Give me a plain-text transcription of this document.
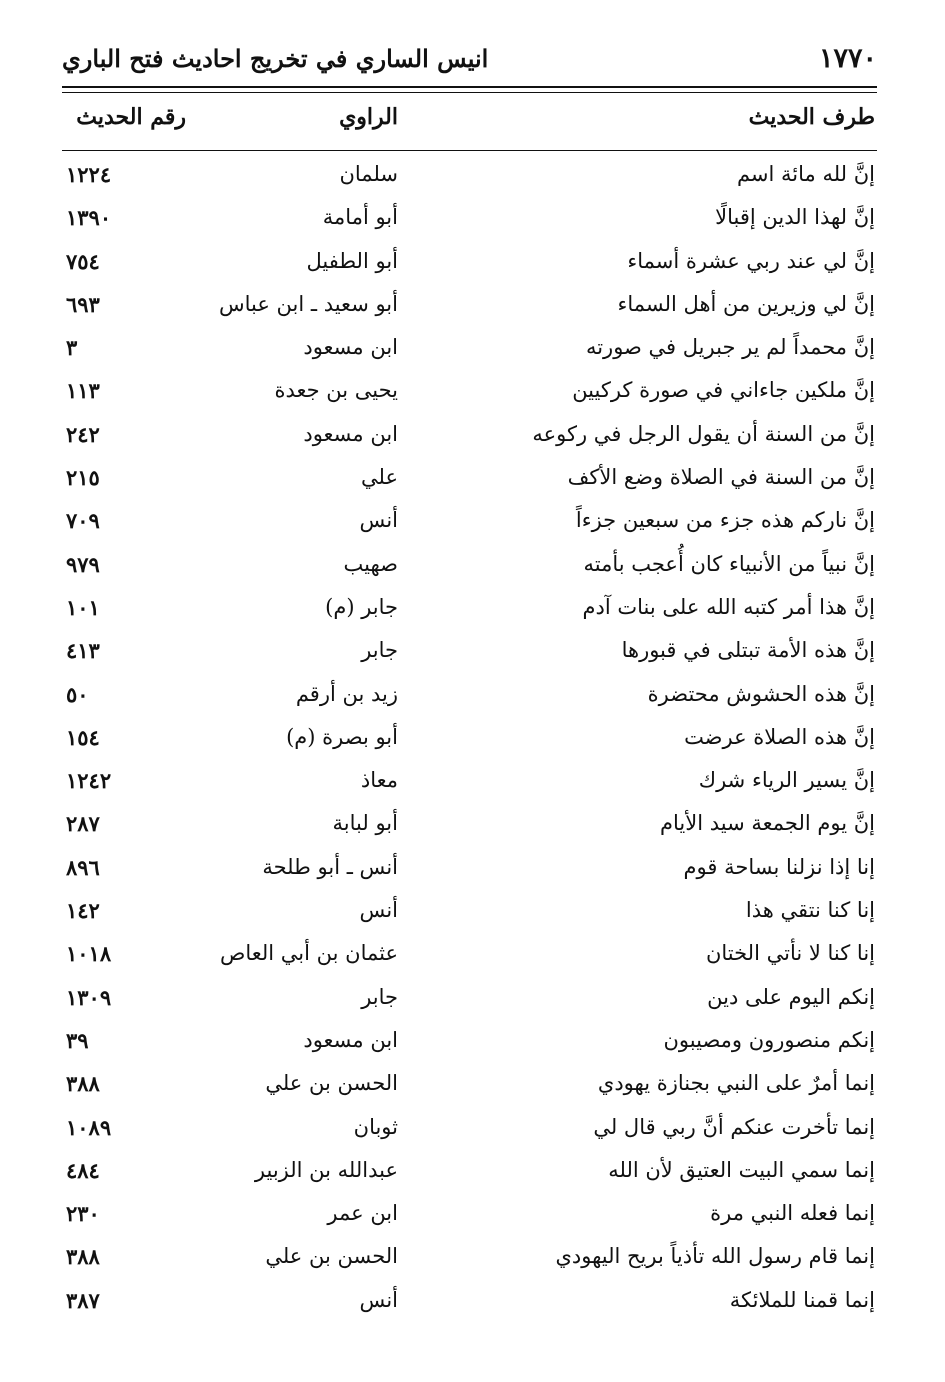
١٧٧٠
انيس الساري في تخريج احاديث فتح الباري
طرف الحديث
الراوي
رقم الحديث
إنَّ لله مائة اسم
سلمان
١٢٢٤
إنَّ لهذا الدين إقبالًا
أبو أمامة
١٣٩٠
إنَّ لي عند ربي عشرة أسماء
أبو الطفيل
٧٥٤
إنَّ لي وزيرين من أهل السماء
أبو سعيد ـ ابن عباس
٦٩٣
إنَّ محمداً لم ير جبريل في صورته
ابن مسعود
٣
إنَّ ملكين جاءاني في صورة كركيين
يحيى بن جعدة
١١٣
إنَّ من السنة أن يقول الرجل في ركوعه
ابن مسعود
٢٤٢
إنَّ من السنة في الصلاة وضع الأكف
علي
٢١٥
إنَّ ناركم هذه جزء من سبعين جزءاً
أنس
٧٠٩
إنَّ نبياً من الأنبياء كان أُعجب بأمته
صهيب
٩٧٩
إنَّ هذا أمر كتبه الله على بنات آدم
جابر (م)
١٠١
إنَّ هذه الأمة تبتلى في قبورها
جابر
٤١٣
إنَّ هذه الحشوش محتضرة
زيد بن أرقم
٥٠
إنَّ هذه الصلاة عرضت
أبو بصرة (م)
١٥٤
إنَّ يسير الرياء شرك
معاذ
١٢٤٢
إنَّ يوم الجمعة سيد الأيام
أبو لبابة
٢٨٧
إنا إذا نزلنا بساحة قوم
أنس ـ أبو طلحة
٨٩٦
إنا كنا نتقي هذا
أنس
١٤٢
إنا كنا لا نأتي الختان
عثمان بن أبي العاص
١٠١٨
إنكم اليوم على دين
جابر
١٣٠٩
إنكم منصورون ومصيبون
ابن مسعود
٣٩
إنما أمرٌ على النبي بجنازة يهودي
الحسن بن علي
٣٨٨
إنما تأخرت عنكم أنَّ ربي قال لي
ثوبان
١٠٨٩
إنما سمي البيت العتيق لأن الله
عبدالله بن الزبير
٤٨٤
إنما فعله النبي مرة
ابن عمر
٢٣٠
إنما قام رسول الله تأذياً بريح اليهودي
الحسن بن علي
٣٨٨
إنما قمنا للملائكة
أنس
٣٨٧
